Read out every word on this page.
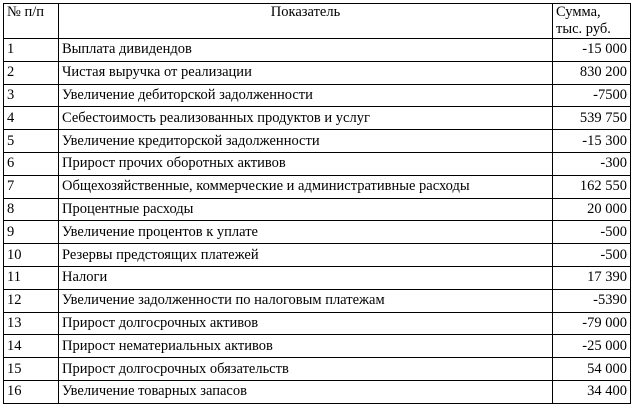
№ п/п	Показатель	Сумма,
тыс. руб.

1	Выплата дивидендов	-15 000
2	Чистая выручка от реализации	830 200
3	Увеличение дебиторской задолженности	-7500
4	Себестоимость реализованных продуктов и услуг	539 750
5	Увеличение кредиторской задолженности	-15 300
6	Прирост прочих оборотных активов	-300
7	Общехозяйственные, коммерческие и административные расходы	162 550
8	Процентные расходы	20 000
9	Увеличение процентов к уплате	-500
10	Резервы предстоящих платежей	-500
11	Налоги	17 390
12	Увеличение задолженности по налоговым платежам	-5390
13	Прирост долгосрочных активов	-79 000
14	Прирост нематериальных активов	-25 000
15	Прирост долгосрочных обязательств	54 000
16	Увеличение товарных запасов	34 400
